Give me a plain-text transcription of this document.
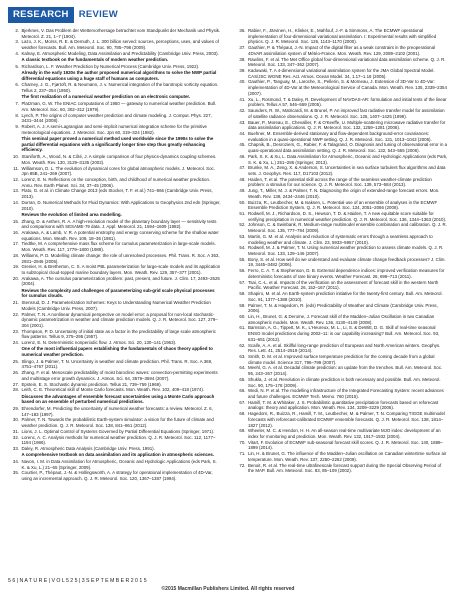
RESEARCH	REVIEW
2. Bjerknes, V. Das Problem der Wettervorhersage betrachtet vom Standpunkt der Mechanik und Physik. Meteorol. Z. 21, 1–7 (1904).
3. Lazo, J. K., Morss, R. E. & Demuth, J. L. 300 billion served: sources, perceptions, uses, and values of weather forecasts. Bull. Am. Meteorol. Soc. 90, 785–798 (2009).
4. Kalnay, E. Atmospheric Modeling, Data Assimilation and Predictability (Cambridge Univ. Press, 2003).
A classic textbook on the fundamentals of modern weather prediction.
5. Richardson, L. F. Weather Prediction by Numerical Process (Cambridge Univ. Press, 1922).
Already in the early 1920s the author proposed numerical algorithms to solve the NWP partial differential equations using a huge staff of humans as computers.
6. Charney, J. G., Fjørtoft, R. & Neumann, J. v. Numerical integration of the barotropic vorticity equation. Tellus 2, 237–254 (1950).
The first realization of a numerical weather prediction on an electronic computer.
7. Platzman, G. W. The ENIAC computations of 1950 — gateway to numerical weather prediction. Bull. Am. Meteorol. Soc. 60, 302–312 (1979).
8. Lynch, P. The origins of computer weather prediction and climate modeling. J. Comput. Phys. 227, 3431–3444 (2008).
9. Robert, A. J. A semi-Lagrangian and semi-implicit numerical integration scheme for the primitive meteorological equations. J. Meteorol. Soc. Jpn 60, 319–324 (1982).
This seminal paper proved a numerical method used worldwide since the 1990s to solve the partial differential equations with a significantly longer time step thus greatly enhancing efficiency.
10. Staniforth, A., Wood, N. & Côté, J. A simple comparison of four physics-dynamics coupling schemes. Mon. Weath. Rev. 130, 3129–3135 (2002).
11. Williamson, D. L. The evolution of dynamical cores for global atmospheric models. J. Meteorol. Soc. Jpn 85B, 241–269 (2007).
12. Lorenz, E. N. Reflections on the conception, birth, and childhood of numerical weather prediction. Annu. Rev. Earth Planet. Sci. 34, 37–45 (2006).
13. Flato, G. et al. in Climate Change 2013 (eds Stocker, T. F. et al.) 741–866 (Cambridge Univ. Press, 2013).
14. Durran, D. Numerical Methods for Fluid Dynamics: With Applications to Geophysics 2nd edn (Springer, 2010).
Reviews the evolution of limited area modelling.
15. Zhang, D. & Anthes, R. A. A high-resolution model of the planetary boundary layer — sensitivity tests and comparisons with SESAME-79 data. J. Appl. Meteorol. 21, 1594–1609 (1982).
16. Arakawa, A. & Lamb, V. R. A potential enstrophy and energy conserving scheme for the shallow water equations. Mon. Weath. Rev. 109, 18–36 (1981).
17. Tiedtke, M. A comprehensive mass flux scheme for cumulus parameterization in large-scale models. Mon. Weath. Rev. 117, 1779–1800 (1989).
18. Williams, P. D. Modelling climate change: the role of unresolved processes. Phil. Trans. R. Soc. A 363, 2931–2946 (2005).
19. Grenier, H. & Bretherton, C. S. A moist PBL parameterization for large-scale models and its application to subtropical cloud-topped marine boundary layers. Mon. Weath. Rev. 129, 357–377 (2001).
20. Arakawa, A. The cumulus parameterization problem: past, present, and future. J. Clim. 17, 2493–2525 (2004).
Reviews the complexity and challenges of parameterizing sub-grid scale physical processes for cumulus clouds.
21. Stensrud, D. J. Parameterization Schemes: Keys to Understanding Numerical Weather Prediction Models (Cambridge Univ. Press, 2007).
22. Palmer, T. N. A nonlinear dynamical perspective on model error: a proposal for non-local stochastic-dynamic parametrization in weather and climate prediction models. Q. J. R. Meteorol. Soc. 127, 279–304 (2001).
23. Thompson, P. D. Uncertainty of initial state as a factor in the predictability of large scale atmospheric flow patterns. Tellus 9, 275–295 (1957).
24. Lorenz, E. N. Deterministic nonperiodic flow. J. Atmos. Sci. 20, 130–141 (1963).
One of the most influential papers establishing the fundamentals of chaos theory applied to numerical weather prediction.
25. Slingo, J. & Palmer, T. N. Uncertainty in weather and climate prediction. Phil. Trans. R. Soc. A 369, 4751–4767 (2011).
26. Zhang, F. et al. Mesoscale predictability of moist baroclinic waves: convection-permitting experiments and multistage error growth dynamics. J. Atmos. Sci. 64, 3579–3594 (2007).
27. Epstein, E. S. Stochastic dynamic prediction. Tellus 21, 739–759 (1969).
28. Leith, C. E. Theoretical skill of Monte Carlo forecasts. Mon. Weath. Rev. 102, 409–418 (1974).
Discusses the advantages of ensemble forecast uncertainties using a Monte Carlo approach based on an ensemble of perturbed numerical predictions.
29. Ehrendorfer, M. Predicting the uncertainty of numerical weather forecasts: a review. Meteorol. Z. 6, 147–183 (1997).
30. Palmer, T. N. Towards the probabilistic Earth-system simulator: a vision for the future of climate and weather prediction. Q. J. R. Meteorol. Soc. 138, 841–861 (2012).
31. Lions, J. L. Optimal Control of Systems Governed by Partial Differential Equations (Springer, 1971).
32. Lorenc, A. C. Analysis methods for numerical weather prediction. Q. J. R. Meteorol. Soc. 112, 1177–1194 (1986).
33. Daley, R. Atmospheric Data Analysis (Cambridge Univ. Press, 1991).
A comprehensive textbook on data assimilation and its application in atmospheric sciences.
34. Navon, I. M. in Data Assimilation for Atmospheric, Oceanic and Hydrologic Applications (eds Park, S. K. & Xu, L.) 21–65 (Springer, 2009).
35. Courtier, P., Thépaut, J.-N. & Hollingsworth, A. A strategy for operational implementation of 4D-Var, using an incremental approach. Q. J. R. Meteorol. Soc. 120, 1367–1387 (1994).
36. Rabier, F., Järvinen, H., Klinker, E., Mahfouf, J.-F. & Simmons, A. The ECMWF operational implementation of four-dimensional variational assimilation. I: Experimental results with simplified physics. Q. J. R. Meteorol. Soc. 126, 1143–1170 (2000).
37. Gauthier, P. & Thépaut, J.-N. Impact of the digital filter as a weak constraint in the preoperational 4DVAR assimilation system of Météo-France. Mon. Weath. Rev. 129, 2089–2102 (2001).
38. Rawlins, F. et al. The Met Office global four-dimensional variational data assimilation scheme. Q. J. R. Meteorol. Soc. 133, 347–362 (2007).
39. Kadowaki, T. A 4-dimensional variational assimilation system for the JMA Global Spectral Model. CAS/JSC WGNE Res. Act. Atmos. Ocean Model. 34, 1.17–1.18 (2005).
40. Gauthier, P., Tanguay, M., Laroche, S., Pellerin, S. & Morneau, J. Extension of 3D-Var to 4D-Var: implementation of 4D-Var at the Meteorological Service of Canada. Mon. Weath. Rev. 135, 2339–2354 (2007).
41. Xu, L., Rosmond, T. & Daley, R. Development of NAVDAS-AR: formulation and initial tests of the linear problem. Tellus A 57, 546–559 (2005).
42. Saunders, R. W., Matricardi, M. & Brunel, P. An improved fast radiative transfer model for assimilation of satellite radiance observations. Q. J. R. Meteorol. Soc. 125, 1407–1425 (1999).
43. Bauer, P., Moreau, E., Chevallier, F. & O'Keeffe, U. Multiple-scattering microwave radiative transfer for data assimilation applications. Q. J. R. Meteorol. Soc. 132, 1259–1281 (2006).
44. Buehner, M. Ensemble-derived stationary and flow-dependent background-error covariances: evaluation in a quasi-operational NWP setting. Q. J. R. Meteorol. Soc. 131, 1013–1043 (2005).
45. Chapnik, B., Desroziers, G., Rabier, F. & Talagrand, O. Diagnosis and tuning of observational error in a quasi-operational data assimilation setting. Q. J. R. Meteorol. Soc. 132, 543–565 (2006).
46. Park, S. K. & Xu, L. Data Assimilation for Atmospheric, Oceanic and Hydrologic Applications (eds Park, S. K. & Xu, L.) 251–286 (Springer, 2013).
47. Brunke, M. A., Zeng, X. & Anderson, S. Uncertainties in sea surface turbulent flux algorithms and data sets. J. Geophys. Res. 117, D17103 (2012).
48. Haiden, T. et al. The potential skill across the range of the seamless weather-climate prediction problem: a stimulus for our science. Q. J. R. Meteorol. Soc. 139, 573–584 (2013).
49. Jung, T., Miller, M. J. & Palmer, T. N. Diagnosing the origin of extended-range forecast errors. Mon. Weath. Rev. 138, 2434–2446 (2010).
50. Buizza, R., Leutbecher, M. & Isaksen, L. Potential use of an ensemble of analyses in the ECMWF Ensemble Prediction System. Q. J. R. Meteorol. Soc. 134, 2051–2066 (2008).
51. Rodwell, M. J., Richardson, D. S., Hewson, T. D. & Haiden, T. A new equitable score suitable for verifying precipitation in numerical weather prediction. Q. J. R. Meteorol. Soc. 136, 1344–1363 (2010).
52. Johnson, C. & Swinbank, R. Medium-range multimodel ensemble combination and calibration. Q. J. R. Meteorol. Soc. 135, 777–794 (2009).
53. Martin, G. M. et al. Analysis and reduction of systematic errors through a seamless approach to modeling weather and climate. J. Clim. 23, 5933–5957 (2010).
54. Rodwell, M. J. & Palmer, T. N. Using numerical weather prediction to assess climate models. Q. J. R. Meteorol. Soc. 133, 129–146 (2007).
55. Bony, S. et al. How well do we understand and evaluate climate change feedback processes? J. Clim. 19, 3445–3482 (2006).
56. Ferro, C. A. T. & Stephenson, D. B. Extremal dependence indices: improved verification measures for deterministic forecasts of rare binary events. Weather Forecast. 26, 699–713 (2011).
57. Tsai, C.-L. et al. Impacts of the verification on the assessment of forecast skill in the western North Pacific. Weather Forecast. 26, 152–167 (2011).
58. Shapiro, M. et al. An Earth-system prediction initiative for the twenty-first century. Bull. Am. Meteorol. Soc. 91, 1377–1388 (2010).
59. Palmer, T. N. & Hagedorn, R. (eds) Predictability of Weather and Climate (Cambridge Univ. Press, 2006).
60. Lin, H., Brunet, G. & Derome, J. Forecast skill of the Madden–Julian Oscillation in two Canadian atmospheric models. Mon. Weath. Rev. 136, 4130–4149 (2008).
61. Barnston, A. G., Tippett, M. K., L'Heureux, M. L., Li, S. & DeWitt, D. G. Skill of real-time seasonal ENSO model predictions during 2002–11: is our capability increasing? Bull. Am. Meteorol. Soc. 93, 631–651 (2012).
62. Scaife, A. A. et al. Skillful long-range prediction of European and North American winters. Geophys. Res. Lett. 41, 2514–2519 (2014).
63. Smith, D. M. et al. Improved surface temperature prediction for the coming decade from a global climate model. Science 317, 796–799 (2007).
64. Meehl, G. A. et al. Decadal climate prediction: an update from the trenches. Bull. Am. Meteorol. Soc. 95, 243–267 (2014).
65. Shukla, J. et al. Revolution in climate prediction is both necessary and possible. Bull. Am. Meteorol. Soc. 90, 175–178 (2009).
66. Wedi, N. P. et al. The modelling infrastructure of the Integrated Forecasting System: recent advances and future challenges. ECMWF Tech. Memo. 760 (2015).
67. Hamill, T. M. & Whitaker, J. S. Probabilistic quantitative precipitation forecasts based on reforecast analogs: theory and application. Mon. Weath. Rev. 134, 3209–3229 (2006).
68. Hagedorn, R., Buizza, R., Hamill, T. M., Leutbecher, M. & Palmer, T. N. Comparing TIGGE multimodel forecasts with reforecast-calibrated ECMWF ensemble forecasts. Q. J. R. Meteorol. Soc. 138, 1814–1827 (2012).
69. Wheeler, M. C. & Hendon, H. H. An all-season real-time multivariate MJO index: development of an index for monitoring and prediction. Mon. Weath. Rev. 132, 1917–1932 (2004).
70. Vitart, F. Evolution of ECMWF sub-seasonal forecast skill scores. Q. J. R. Meteorol. Soc. 140, 1889–1899 (2014).
71. Lin, H. & Brunet, G. The influence of the Madden–Julian oscillation on Canadian wintertime surface air temperature. Mon. Weath. Rev. 137, 2250–2262 (2009).
72. Benoit, R. et al. The real-time ultrafinescale forecast support during the Special Observing Period of the MAP. Bull. Am. Meteorol. Soc. 83, 85–109 (2002).
5 6 | N A T U R E | V O L 5 2 5 | 3 S E P T E M B E R 2 0 1 5
©2015 Macmillan Publishers Limited. All rights reserved
